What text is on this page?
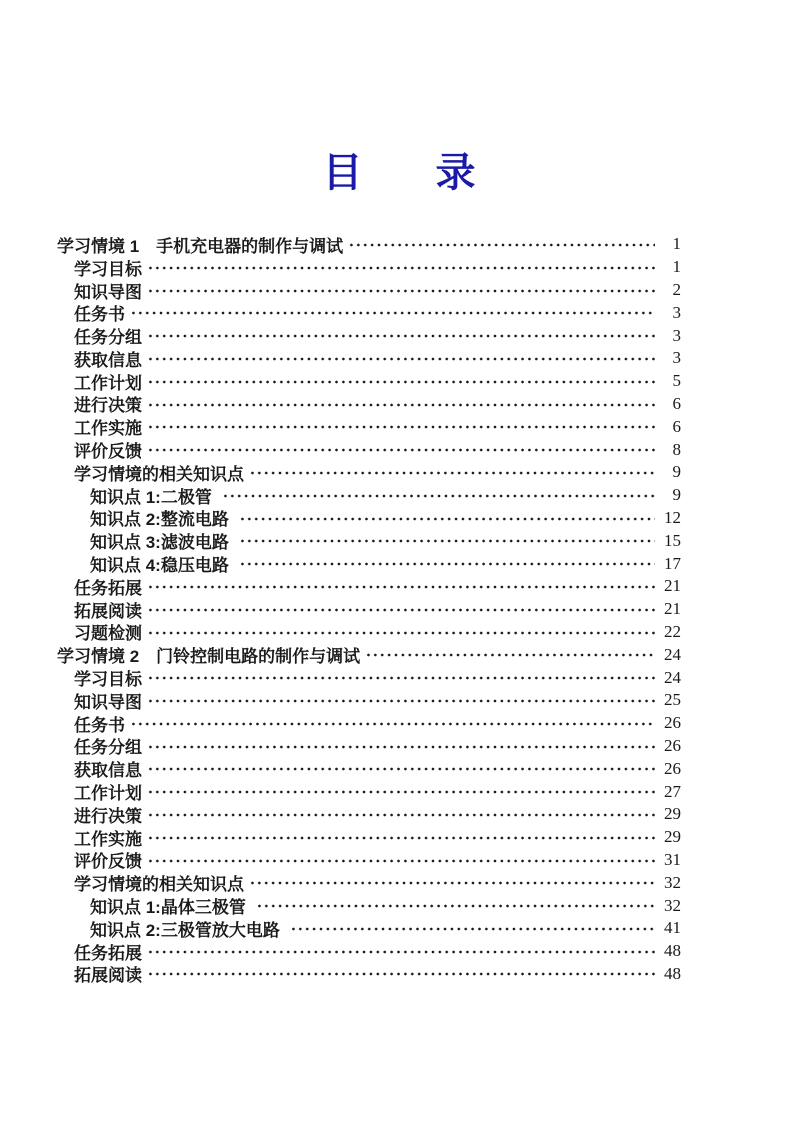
目 录
学习情境 1　手机充电器的制作与调试	1
学习目标	1
知识导图	2
任务书	3
任务分组	3
获取信息	3
工作计划	5
进行决策	6
工作实施	6
评价反馈	8
学习情境的相关知识点	9
知识点 1:二极管	9
知识点 2:整流电路	12
知识点 3:滤波电路	15
知识点 4:稳压电路	17
任务拓展	21
拓展阅读	21
习题检测	22
学习情境 2　门铃控制电路的制作与调试	24
学习目标	24
知识导图	25
任务书	26
任务分组	26
获取信息	26
工作计划	27
进行决策	29
工作实施	29
评价反馈	31
学习情境的相关知识点	32
知识点 1:晶体三极管	32
知识点 2:三极管放大电路	41
任务拓展	48
拓展阅读	48
